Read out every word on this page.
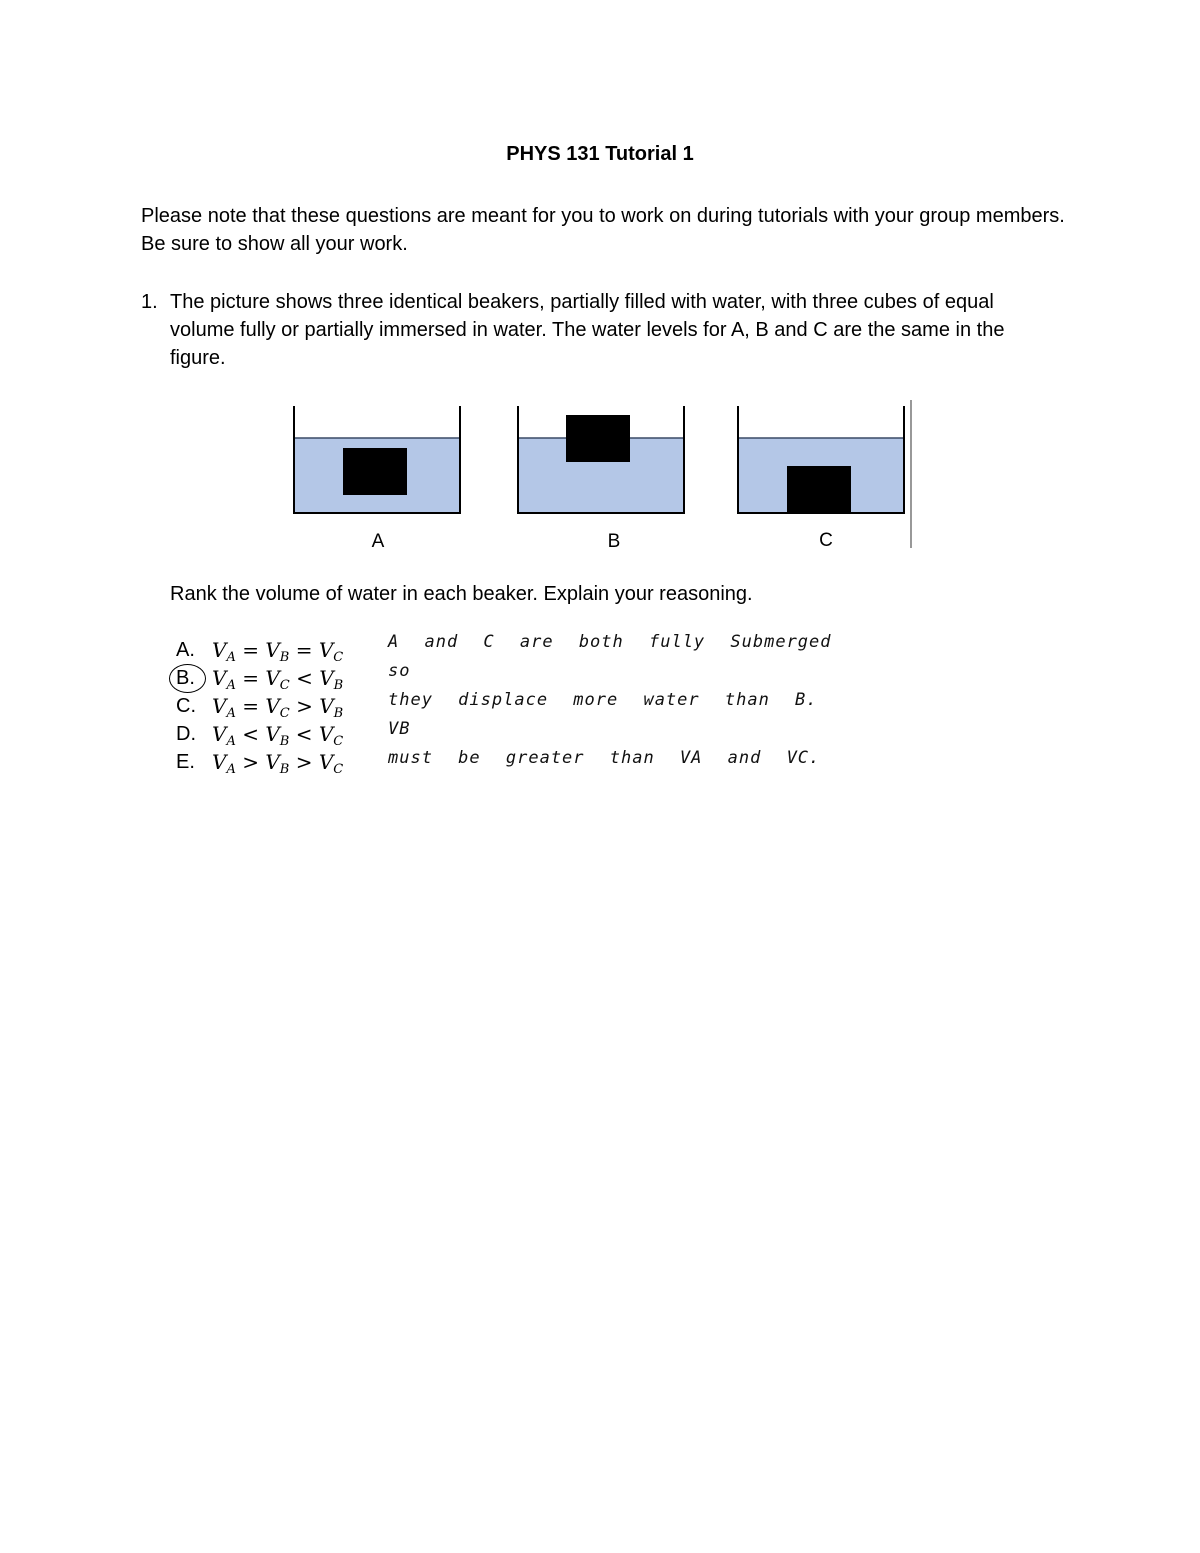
PHYS 131 Tutorial 1
Please note that these questions are meant for you to work on during tutorials with your group members. Be sure to show all your work.
1. The picture shows three identical beakers, partially filled with water, with three cubes of equal volume fully or partially immersed in water. The water levels for A, B and C are the same in the figure.
A	B	C
Rank the volume of water in each beaker. Explain your reasoning.
A. $V_A = V_B = V_C$
B. $V_A = V_C < V_B$
C. $V_A = V_C > V_B$
D. $V_A < V_B < V_C$
E. $V_A > V_B > V_C$
A and C are both fully Submerged so
they displace more water than B. VB
must be greater than VA and VC.
